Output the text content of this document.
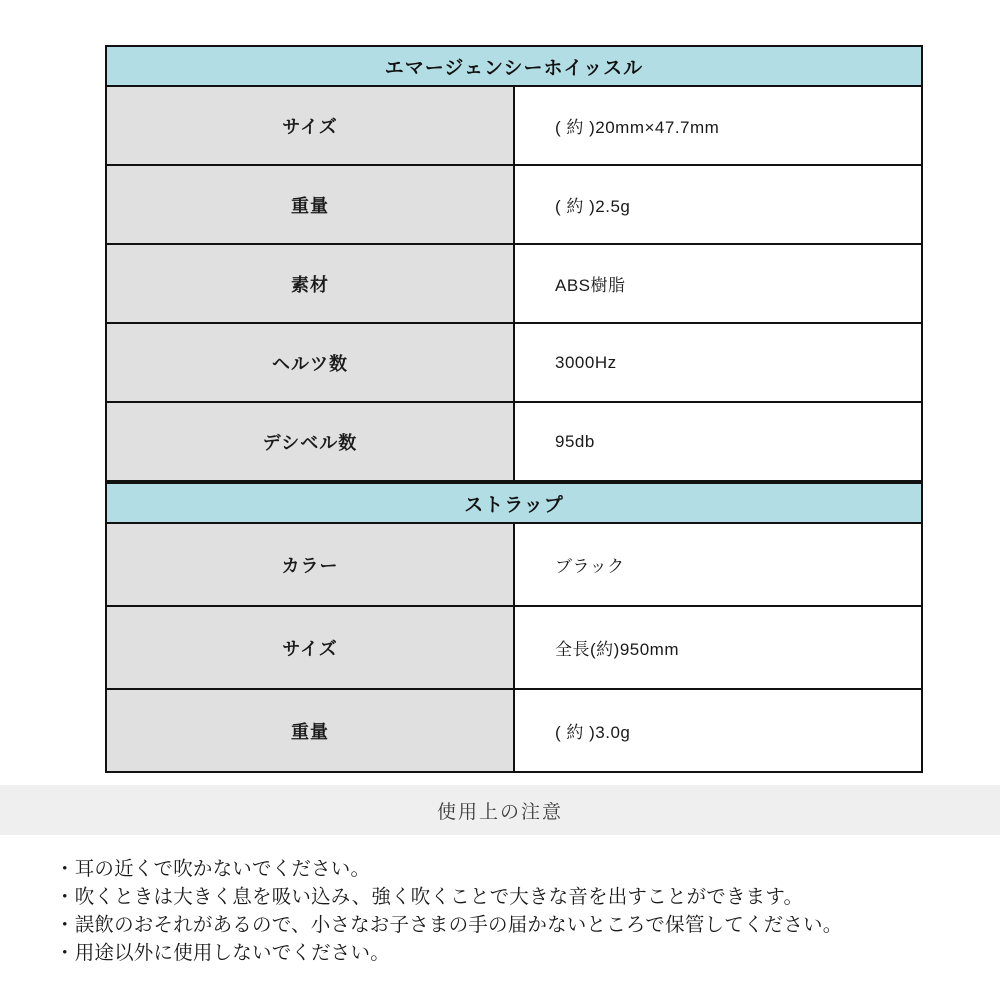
エマージェンシーホイッスル	
サイズ	( 約 )20mm×47.7mm
重量	( 約 )2.5g
素材	ABS樹脂
ヘルツ数	3000Hz
デシベル数	95db
ストラップ	
カラー	ブラック
サイズ	全長(約)950mm
重量	( 約 )3.0g
使用上の注意
・耳の近くで吹かないでください。
・吹くときは大きく息を吸い込み、強く吹くことで大きな音を出すことができます。
・誤飲のおそれがあるので、小さなお子さまの手の届かないところで保管してください。
・用途以外に使用しないでください。
